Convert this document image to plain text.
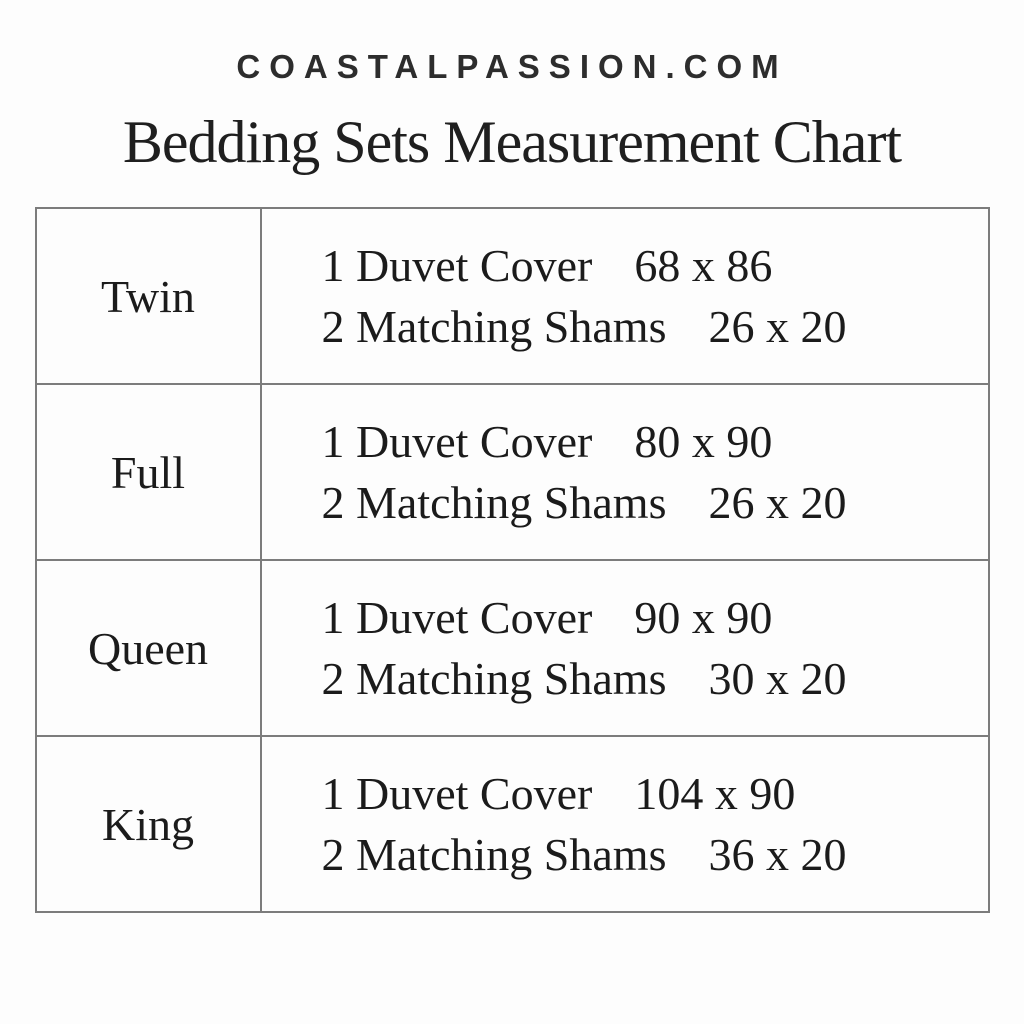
COASTALPASSION.COM
Bedding Sets Measurement Chart
Twin	1 Duvet Cover 68 x 86
2 Matching Shams 26 x 20

Full	1 Duvet Cover 80 x 90
2 Matching Shams 26 x 20

Queen	1 Duvet Cover 90 x 90
2 Matching Shams 30 x 20

King	1 Duvet Cover 104 x 90
2 Matching Shams 36 x 20
